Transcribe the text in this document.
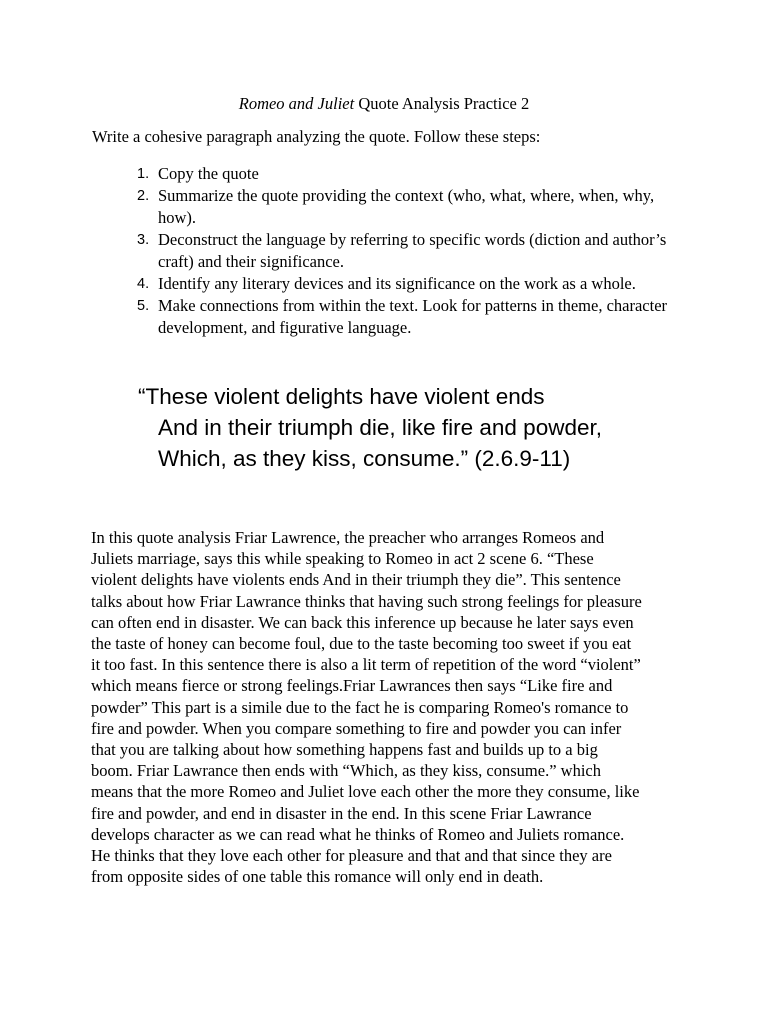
Romeo and Juliet Quote Analysis Practice 2
Write a cohesive paragraph analyzing the quote. Follow these steps:
1. Copy the quote
2. Summarize the quote providing the context (who, what, where, when, why, how).
3. Deconstruct the language by referring to specific words (diction and author’s craft) and their significance.
4. Identify any literary devices and its significance on the work as a whole.
5. Make connections from within the text. Look for patterns in theme, character development, and figurative language.
“These violent delights have violent ends
And in their triumph die, like fire and powder,
Which, as they kiss, consume.” (2.6.9-11)
In this quote analysis Friar Lawrence, the preacher who arranges Romeos and
Juliets marriage, says this while speaking to Romeo in act 2 scene 6. “These
violent delights have violents ends And in their triumph they die”. This sentence
talks about how Friar Lawrance thinks that having such strong feelings for pleasure
can often end in disaster. We can back this inference up because he later says even
the taste of honey can become foul, due to the taste becoming too sweet if you eat
it too fast. In this sentence there is also a lit term of repetition of the word “violent”
which means fierce or strong feelings.Friar Lawrances then says “Like fire and
powder” This part is a simile due to the fact he is comparing Romeo's romance to
fire and powder. When you compare something to fire and powder you can infer
that you are talking about how something happens fast and builds up to a big
boom. Friar Lawrance then ends with “Which, as they kiss, consume.” which
means that the more Romeo and Juliet love each other the more they consume, like
fire and powder, and end in disaster in the end. In this scene Friar Lawrance
develops character as we can read what he thinks of Romeo and Juliets romance.
He thinks that they love each other for pleasure and that and that since they are
from opposite sides of one table this romance will only end in death.
